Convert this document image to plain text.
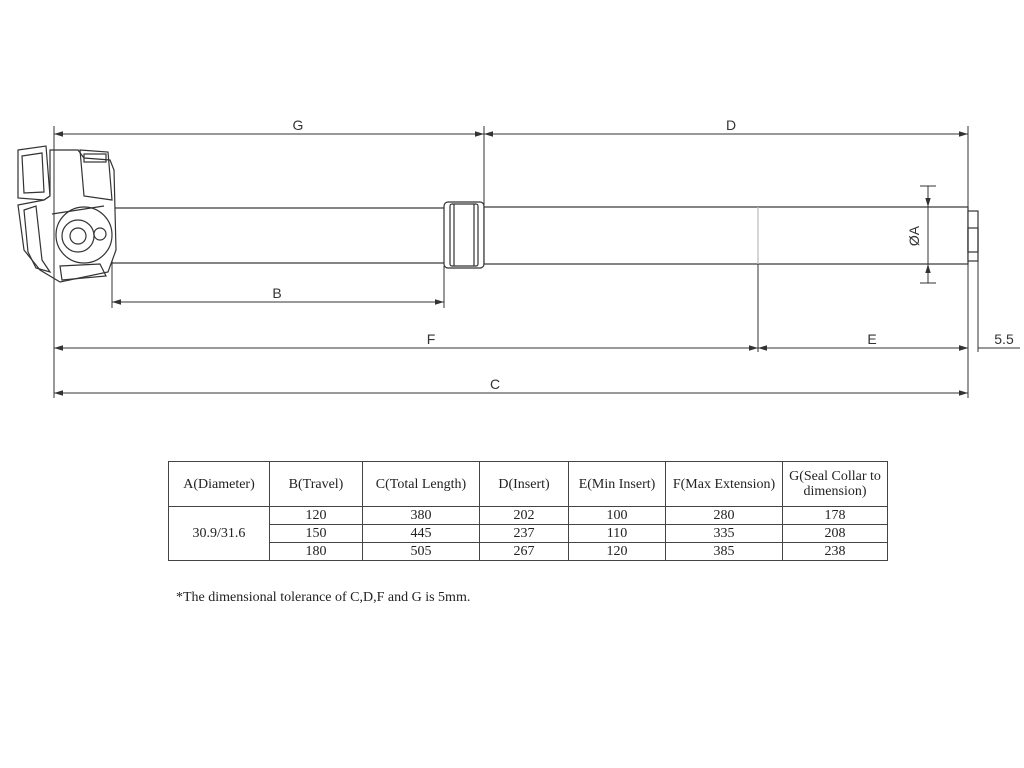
G	D
B
F	E	5.5
C
ØA
A(Diameter)	B(Travel)	C(Total Length)	D(Insert)	E(Min Insert)	F(Max Extension)	G(Seal Collar to dimension)
30.9/31.6	120	380	202	100	280	178
	150	445	237	110	335	208
	180	505	267	120	385	238
*The dimensional tolerance of C,D,F and G is 5mm.
